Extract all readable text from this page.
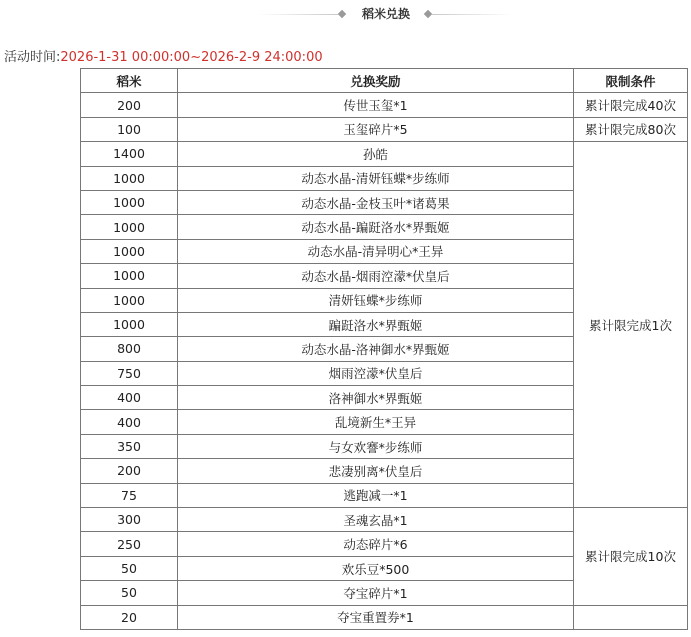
稻米兑换
活动时间:2026-1-31 00:00:00~2026-2-9 24:00:00
稻米	兑换奖励	限制条件
200	传世玉玺*1	累计限完成40次
100	玉玺碎片*5	累计限完成80次
1400	孙皓	累计限完成1次
1000	动态水晶-清妍钰蝶*步练师	
1000	动态水晶-金枝玉叶*诸葛果	
1000	动态水晶-蹁跹洛水*界甄姬	
1000	动态水晶-清异明心*王异	
1000	动态水晶-烟雨涳濛*伏皇后	
1000	清妍钰蝶*步练师	
1000	蹁跹洛水*界甄姬	
800	动态水晶-洛神御水*界甄姬	
750	烟雨涳濛*伏皇后	
400	洛神御水*界甄姬	
400	乱境新生*王异	
350	与女欢謇*步练师	
200	悲凄别离*伏皇后	
75	逃跑减一*1	
300	圣魂玄晶*1	累计限完成10次
250	动态碎片*6	
50	欢乐豆*500	
50	夺宝碎片*1	
20	夺宝重置券*1	
